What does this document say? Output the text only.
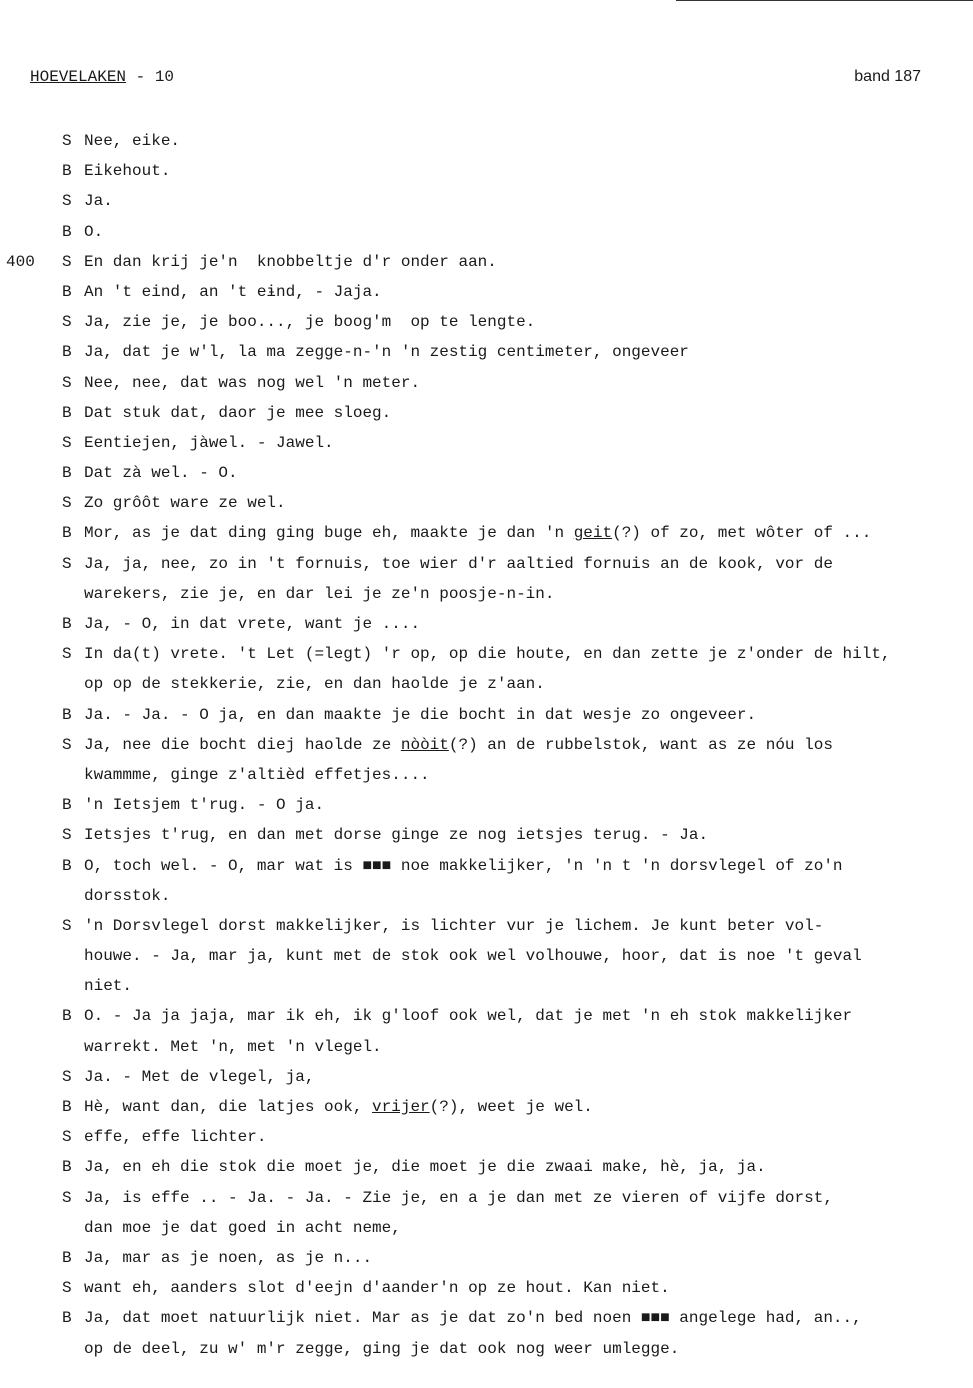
HOEVELAKEN - 10	band 187
S Nee, eike.
B Eikehout.
S Ja.
B O.
400 S En dan krij je'n  knobbeltje d'r onder aan.
B An 't eind, an 't eɨnd, - Jaja.
S Ja, zie je, je boo..., je boog'm  op te lengte.
B Ja, dat je w'l, la ma zegge-n-'n 'n zestig centimeter, ongeveer
S Nee, nee, dat was nog wel 'n meter.
B Dat stuk dat, daor je mee sloeg.
S Eentiejen, jàwel. - Jawel.
B Dat zà wel. - O.
S Zo grôôt ware ze wel.
B Mor, as je dat ding ging buge eh, maakte je dan 'n geit(?) of zo, met wôter of ...
S Ja, ja, nee, zo in 't fornuis, toe wier d'r aaltied fornuis an de kook, vor de
warekers, zie je, en dar lei je ze'n poosje-n-in.
B Ja, - O, in dat vrete, want je ....
S In da(t) vrete. 't Let (=legt) 'r op, op die houte, en dan zette je z'onder de hilt,
op op de stekkerie, zie, en dan haolde je z'aan.
B Ja. - Ja. - O ja, en dan maakte je die bocht in dat wesje zo ongeveer.
S Ja, nee die bocht diej haolde ze nòòit(?) an de rubbelstok, want as ze nóu los
kwammme, ginge z'altièd effetjes....
B 'n Ietsjem t'rug. - O ja.
S Ietsjes t'rug, en dan met dorse ginge ze nog ietsjes terug. - Ja.
B O, toch wel. - O, mar wat is ■■■ noe makkelijker, 'n 'n t 'n dorsvlegel of zo'n
dorsstok.
S 'n Dorsvlegel dorst makkelijker, is lichter vur je lichem. Je kunt beter vol-
houwe. - Ja, mar ja, kunt met de stok ook wel volhouwe, hoor, dat is noe 't geval
niet.
B O. - Ja ja jaja, mar ik eh, ik g'loof ook wel, dat je met 'n eh stok makkelijker
warrekt. Met 'n, met 'n vlegel.
S Ja. - Met de vlegel, ja,
B Hè, want dan, die latjes ook, vrijer(?), weet je wel.
S effe, effe lichter.
B Ja, en eh die stok die moet je, die moet je die zwaai make, hè, ja, ja.
S Ja, is effe .. - Ja. - Ja. - Zie je, en a je dan met ze vieren of vijfe dorst,
dan moe je dat goed in acht neme,
B Ja, mar as je noen, as je n...
S want eh, aanders slot d'eejn d'aander'n op ze hout. Kan niet.
B Ja, dat moet natuurlijk niet. Mar as je dat zo'n bed noen ■■■ angelege had, an..,
op de deel, zu w' m'r zegge, ging je dat ook nog weer umlegge.
